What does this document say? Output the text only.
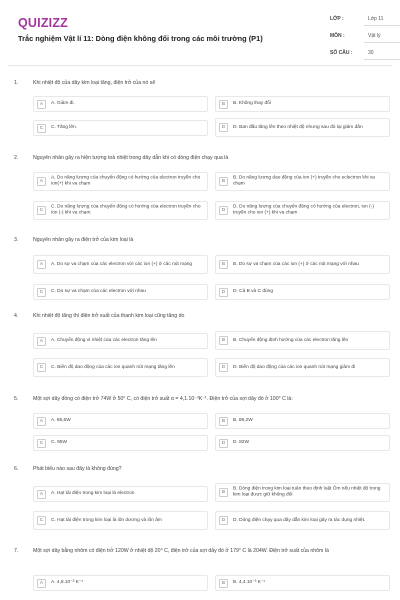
QUIZIZZ
Trắc nghiệm Vật lí 11: Dòng điện không đổi trong các môi trường (P1)
LỚP :	Lớp 11
MÔN :	Vật lý
SỐ CÂU :	30
1.	Khi nhiệt độ của dây kim loại tăng, điện trở của nó sẽ
A	A. Giảm đi.	B	B. Không thay đổi
C	C. Tăng lên.	D	D. Ban đầu tăng lên theo nhiệt độ nhưng sau đó lại giảm dần
2.	Nguyên nhân gây ra hiện tượng toả nhiệt trong dây dẫn khi có dòng điện chạy qua là
A
A. Do năng lượng của chuyển động có hướng của electron truyền cho ion(+) khi va chạm	B
B. Do năng lượng dao động của ion (+) truyền cho eclectron khi va chạm
C
C. Do năng lượng của chuyển động có hướng của electron truyền cho ion (-) khi va chạm	D
D. Do năng lượng của chuyển động có hướng của electron, ion (-) truyền cho ion (+) khi va chạm
3.	Nguyên nhân gây ra điện trở của kim loại là
A	A. Do sự va chạm của các electron với các ion (+) ở các nút mạng	B	B. Do sự va chạm của các ion (+) ở các nút mạng với nhau
C	C. Do sự va chạm của các electron với nhau	D	D. Cả B và C đúng
4.	Khi nhiệt độ tăng thì điện trở suất của thanh kim loại cũng tăng do
A	A. Chuyển động vì nhiệt của các electron tăng lên	B	B. Chuyển động định hướng của các electron tăng lên
C	C. Biên độ dao động của các ion quanh nút mạng tăng lên	D	D. Biên độ dao động của các ion quanh nút mạng giảm đi
5.	Một sợi dây đồng có điện trở 74W ở 50° C, có điện trở suất α = 4,1.10⁻³K⁻¹. Điện trở của sợi dây đó ở 100° C là:
A	A. 86,6W	B	B. 89,2W
C	C. 95W	D	D. 82W
6.	Phát biểu nào sau đây là không đúng?
A	A. Hạt tải điện trong kim loại là electron	B
B. Dòng điện trong kim loại tuân theo định luật Ôm nếu nhiệt độ trong kim loại được giữ không đổi
C	C. Hạt tải điện trong kim loại là iôn dương và iôn âm	D	D. Dòng điện chạy qua dây dẫn kim loại gây ra tác dụng nhiệt.
7.	Một sợi dây bằng nhôm có điện trở 120W ở nhiệt độ 20° C, điện trở của sợi dây đó ở 179° C là 204W. Điện trở suất của nhôm là
A	A. 4,8.10⁻³ K⁻¹	B	B. 4,4.10⁻³ K⁻¹
